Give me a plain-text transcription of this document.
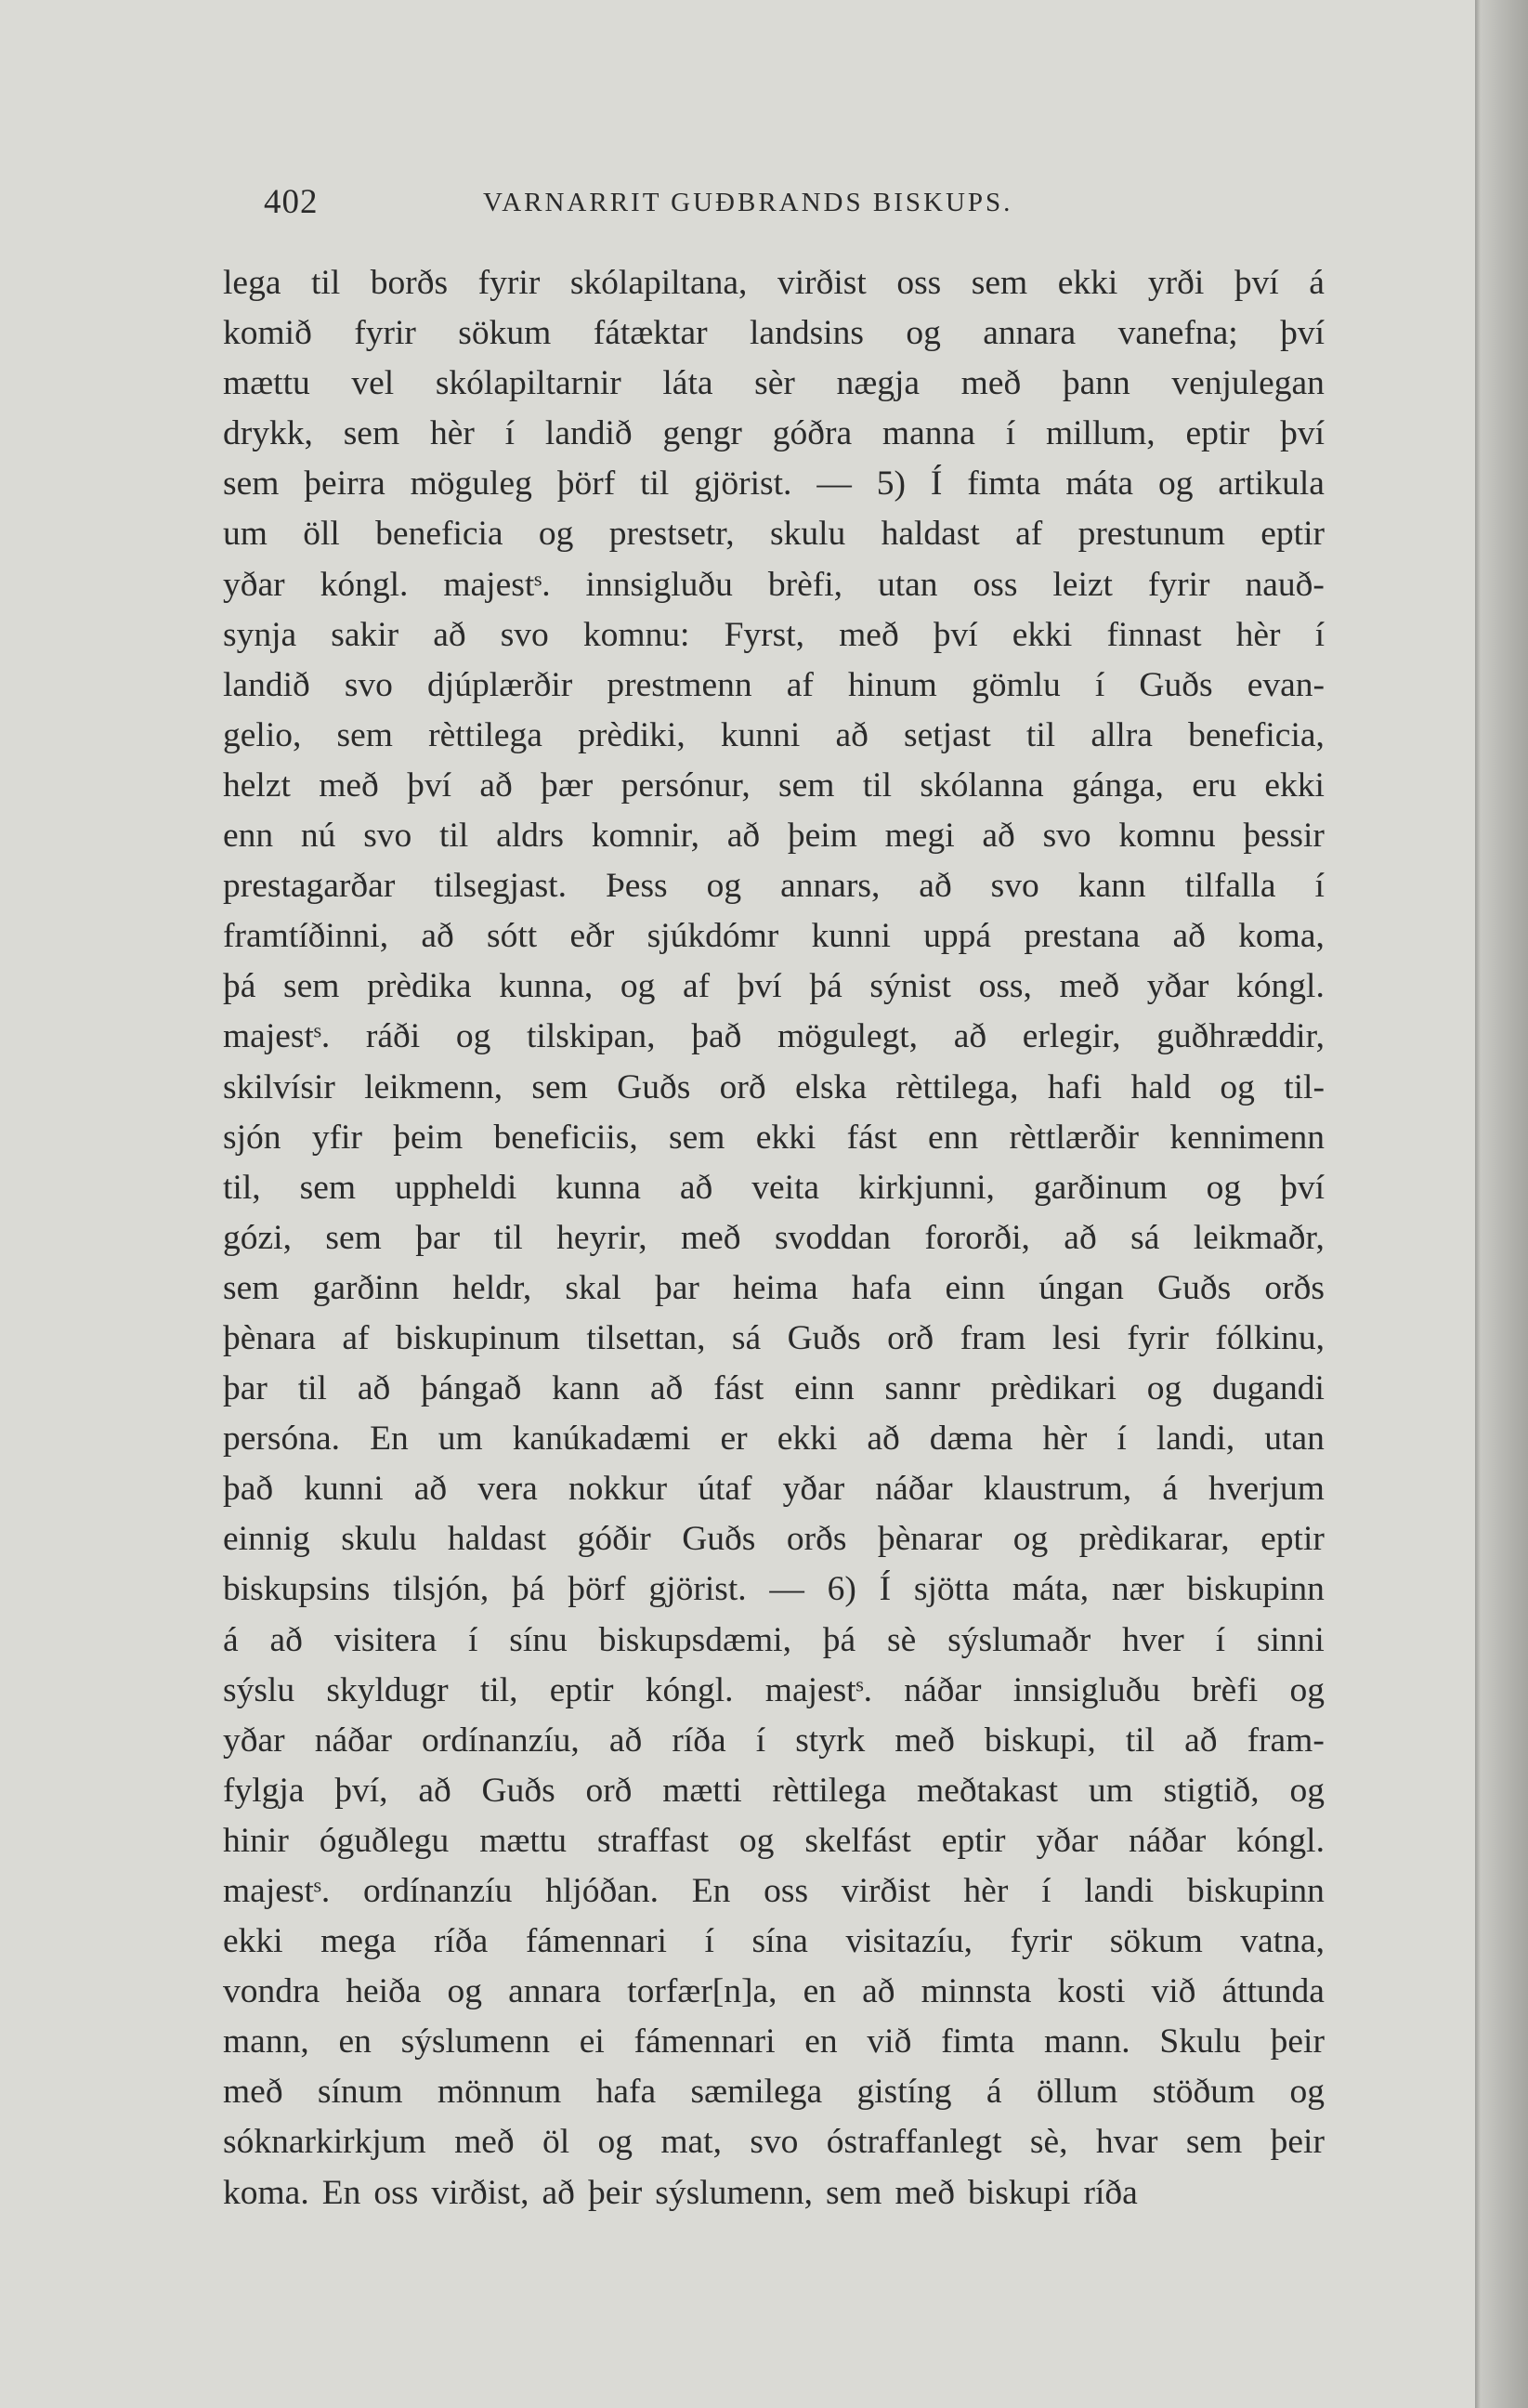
402	VARNARRIT GUÐBRANDS BISKUPS.
lega til borðs fyrir skólapiltana, virðist oss sem ekki yrði því á
komið fyrir sökum fátæktar landsins og annara vanefna; því
mættu vel skólapiltarnir láta sèr nægja með þann venjulegan
drykk, sem hèr í landið gengr góðra manna í millum, eptir því
sem þeirra möguleg þörf til gjörist. — 5) Í fimta máta og artikula
um öll beneficia og prestsetr, skulu haldast af prestunum eptir
yðar kóngl. majestˢ. innsigluðu brèfi, utan oss leizt fyrir nauð-
synja sakir að svo komnu: Fyrst, með því ekki finnast hèr í
landið svo djúplærðir prestmenn af hinum gömlu í Guðs evan-
gelio, sem rèttilega prèdiki, kunni að setjast til allra beneficia,
helzt með því að þær persónur, sem til skólanna gánga, eru ekki
enn nú svo til aldrs komnir, að þeim megi að svo komnu þessir
prestagarðar tilsegjast. Þess og annars, að svo kann tilfalla í
framtíðinni, að sótt eðr sjúkdómr kunni uppá prestana að koma,
þá sem prèdika kunna, og af því þá sýnist oss, með yðar kóngl.
majestˢ. ráði og tilskipan, það mögulegt, að erlegir, guðhræddir,
skilvísir leikmenn, sem Guðs orð elska rèttilega, hafi hald og til-
sjón yfir þeim beneficiis, sem ekki fást enn rèttlærðir kennimenn
til, sem uppheldi kunna að veita kirkjunni, garðinum og því
gózi, sem þar til heyrir, með svoddan fororði, að sá leikmaðr,
sem garðinn heldr, skal þar heima hafa einn úngan Guðs orðs
þènara af biskupinum tilsettan, sá Guðs orð fram lesi fyrir fólkinu,
þar til að þángað kann að fást einn sannr prèdikari og dugandi
persóna. En um kanúkadæmi er ekki að dæma hèr í landi, utan
það kunni að vera nokkur útaf yðar náðar klaustrum, á hverjum
einnig skulu haldast góðir Guðs orðs þènarar og prèdikarar, eptir
biskupsins tilsjón, þá þörf gjörist. — 6) Í sjötta máta, nær biskupinn
á að visitera í sínu biskupsdæmi, þá sè sýslumaðr hver í sinni
sýslu skyldugr til, eptir kóngl. majestˢ. náðar innsigluðu brèfi og
yðar náðar ordínanzíu, að ríða í styrk með biskupi, til að fram-
fylgja því, að Guðs orð mætti rèttilega meðtakast um stigtið, og
hinir óguðlegu mættu straffast og skelfást eptir yðar náðar kóngl.
majestˢ. ordínanzíu hljóðan. En oss virðist hèr í landi biskupinn
ekki mega ríða fámennari í sína visitazíu, fyrir sökum vatna,
vondra heiða og annara torfær[n]a, en að minnsta kosti við áttunda
mann, en sýslumenn ei fámennari en við fimta mann. Skulu þeir
með sínum mönnum hafa sæmilega gistíng á öllum stöðum og
sóknarkirkjum með öl og mat, svo óstraffanlegt sè, hvar sem þeir
koma. En oss virðist, að þeir sýslumenn, sem með biskupi ríða
